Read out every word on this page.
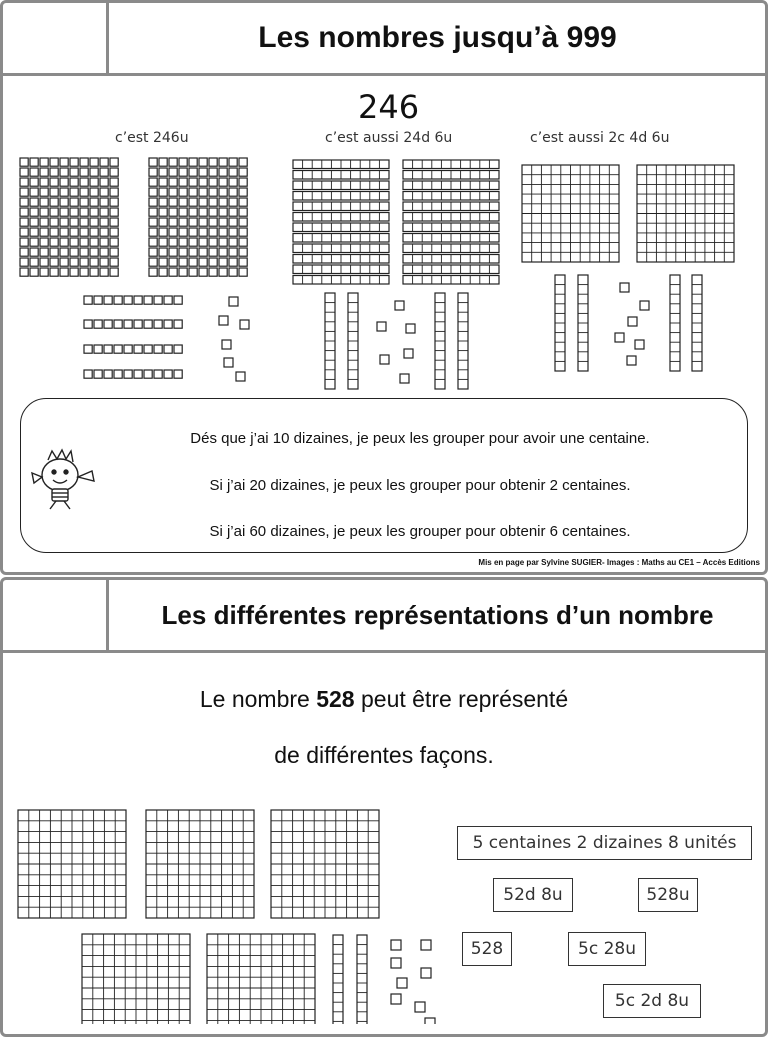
Les nombres jusqu’à 999
246
c’est 246u	c’est aussi 24d 6u	c’est aussi 2c 4d 6u
Dés que j’ai 10 dizaines, je peux les grouper pour avoir une centaine.
Si j’ai 20 dizaines, je peux les grouper pour obtenir 2 centaines.
Si j’ai 60 dizaines, je peux les grouper pour obtenir 6 centaines.
Mis en page par Sylvine SUGIER- Images : Maths au CE1 – Accès Editions
Les différentes représentations d’un nombre
Le nombre 528 peut être représenté
de différentes façons.
5 centaines 2 dizaines 8 unités
52d 8u	528u
528	5c 28u
5c 2d 8u
